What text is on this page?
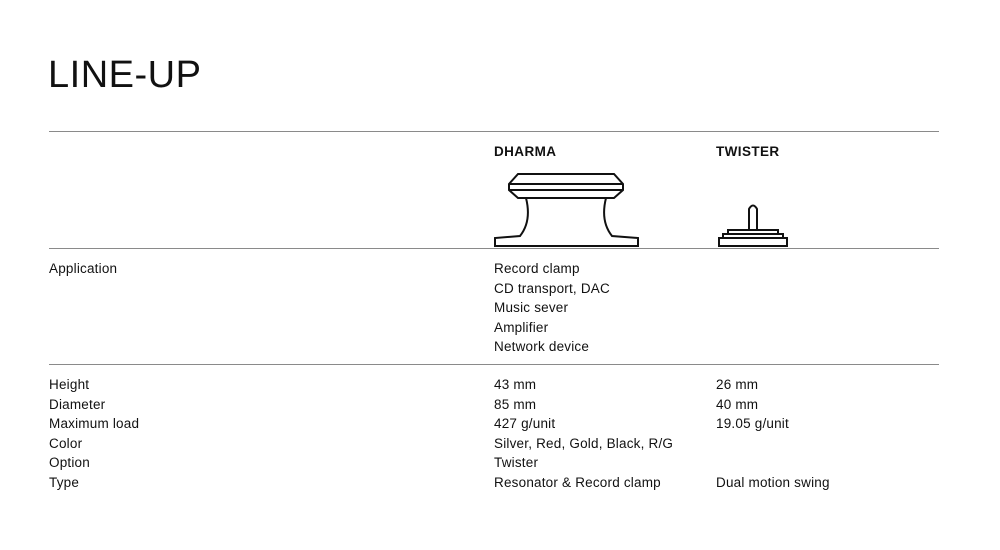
LINE-UP
DHARMA	TWISTER
Application	Record clamp
CD transport, DAC
Music sever
Amplifier
Network device
Height
Diameter
Maximum load
Color
Option
Type
43 mm
85 mm
427 g/unit
Silver, Red, Gold, Black, R/G
Twister
Resonator & Record clamp
26 mm
40 mm
19.05 g/unit
Dual motion swing
